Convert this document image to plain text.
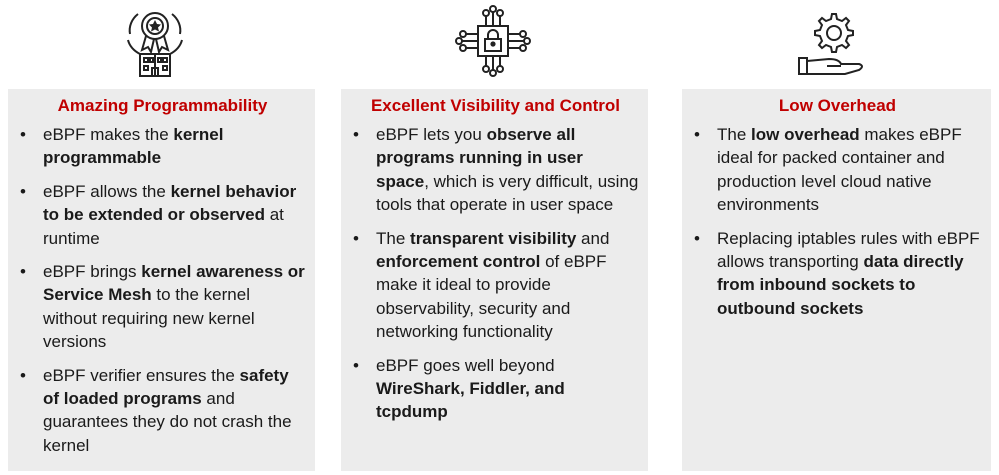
Amazing Programmability
• eBPF makes the kernel programmable
• eBPF allows the kernel behavior to be extended or observed at runtime
• eBPF brings kernel awareness or Service Mesh to the kernel without requiring new kernel versions
• eBPF verifier ensures the safety of loaded programs and guarantees they do not crash the kernel
Excellent Visibility and Control
• eBPF lets you observe all programs running in user space, which is very difficult, using tools that operate in user space
• The transparent visibility and enforcement control of eBPF make it ideal to provide observability, security and networking functionality
• eBPF goes well beyond WireShark, Fiddler, and tcpdump
Low Overhead
• The low overhead makes eBPF ideal for packed container and production level cloud native environments
• Replacing iptables rules with eBPF allows transporting data directly from inbound sockets to outbound sockets
